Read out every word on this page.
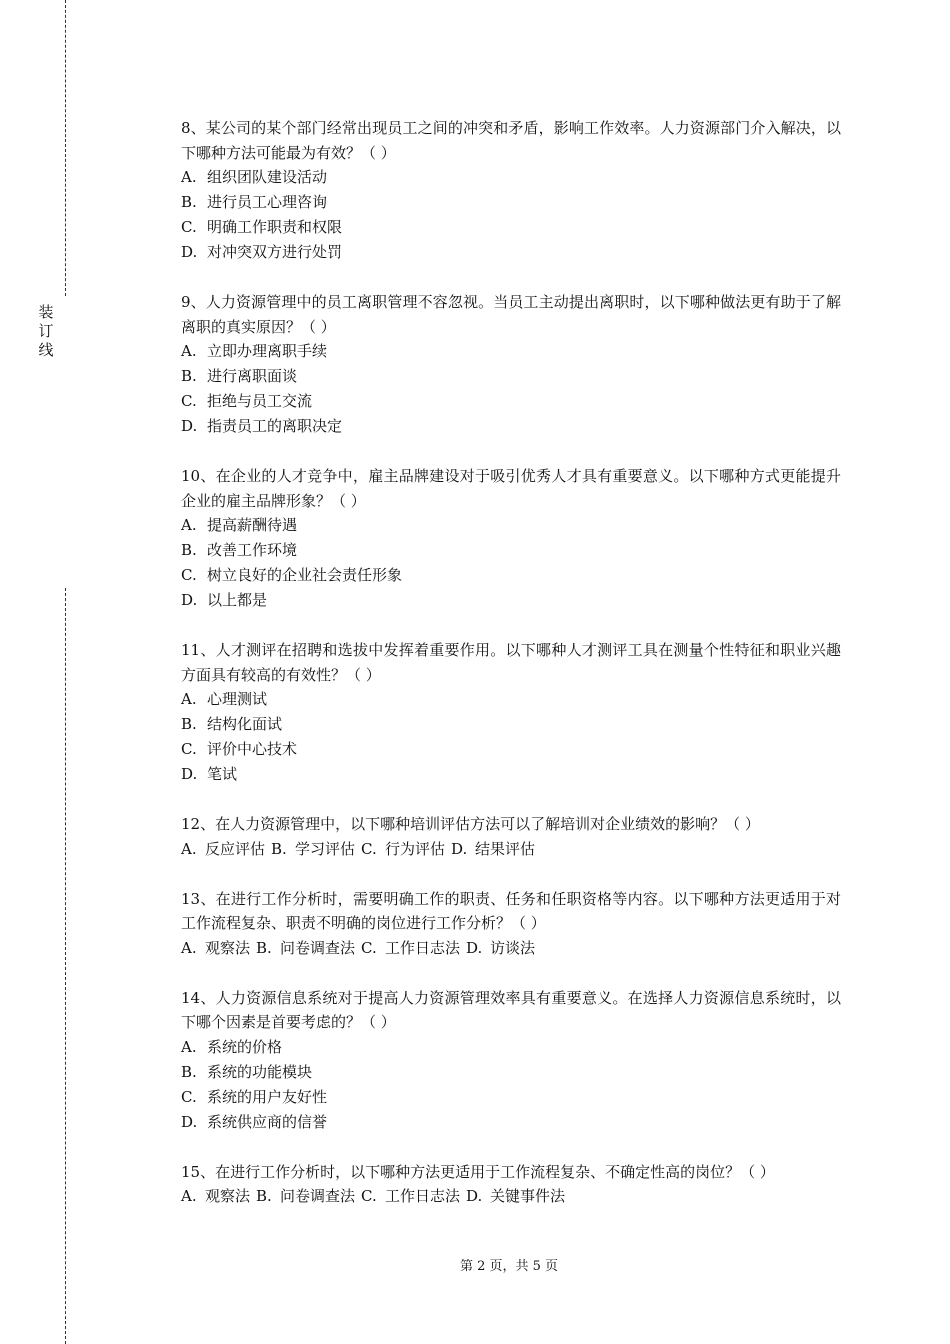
装
订
线

8、某公司的某个部门经常出现员工之间的冲突和矛盾，影响工作效率。人力资源部门介入解决，以下哪种方法可能最为有效？（ ）

A. 组织团队建设活动

B. 进行员工心理咨询

C. 明确工作职责和权限

D. 对冲突双方进行处罚

9、人力资源管理中的员工离职管理不容忽视。当员工主动提出离职时，以下哪种做法更有助于了解离职的真实原因？（ ）

A. 立即办理离职手续

B. 进行离职面谈

C. 拒绝与员工交流

D. 指责员工的离职决定

10、在企业的人才竞争中，雇主品牌建设对于吸引优秀人才具有重要意义。以下哪种方式更能提升企业的雇主品牌形象？（ ）

A. 提高薪酬待遇

B. 改善工作环境

C. 树立良好的企业社会责任形象

D. 以上都是

11、人才测评在招聘和选拔中发挥着重要作用。以下哪种人才测评工具在测量个性特征和职业兴趣方面具有较高的有效性？（ ）

A. 心理测试

B. 结构化面试

C. 评价中心技术

D. 笔试

12、在人力资源管理中，以下哪种培训评估方法可以了解培训对企业绩效的影响？（ ）

A. 反应评估 B. 学习评估 C. 行为评估 D. 结果评估

13、在进行工作分析时，需要明确工作的职责、任务和任职资格等内容。以下哪种方法更适用于对工作流程复杂、职责不明确的岗位进行工作分析？（ ）

A. 观察法 B. 问卷调查法 C. 工作日志法 D. 访谈法

14、人力资源信息系统对于提高人力资源管理效率具有重要意义。在选择人力资源信息系统时，以下哪个因素是首要考虑的？（ ）

A. 系统的价格

B. 系统的功能模块

C. 系统的用户友好性

D. 系统供应商的信誉

15、在进行工作分析时，以下哪种方法更适用于工作流程复杂、不确定性高的岗位？（ ）

A. 观察法 B. 问卷调查法 C. 工作日志法 D. 关键事件法

第 2 页，共 5 页
